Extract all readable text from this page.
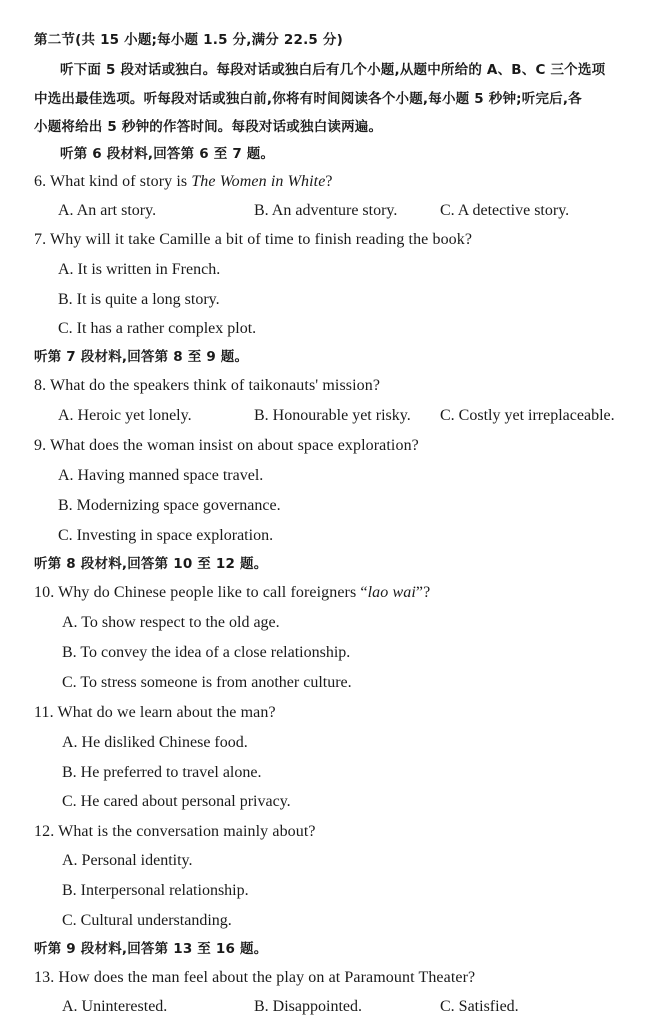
第二节(共 15 小题;每小题 1.5 分,满分 22.5 分)
听下面 5 段对话或独白。每段对话或独白后有几个小题,从题中所给的 A、B、C 三个选项
中选出最佳选项。听每段对话或独白前,你将有时间阅读各个小题,每小题 5 秒钟;听完后,各
小题将给出 5 秒钟的作答时间。每段对话或独白读两遍。
听第 6 段材料,回答第 6 至 7 题。
6. What kind of story is The Women in White?
A. An art story.	B. An adventure story.	C. A detective story.
7. Why will it take Camille a bit of time to finish reading the book?
A. It is written in French.
B. It is quite a long story.
C. It has a rather complex plot.
听第 7 段材料,回答第 8 至 9 题。
8. What do the speakers think of taikonauts' mission?
A. Heroic yet lonely.	B. Honourable yet risky. C. Costly yet irreplaceable.
9. What does the woman insist on about space exploration?
A. Having manned space travel.
B. Modernizing space governance.
C. Investing in space exploration.
听第 8 段材料,回答第 10 至 12 题。
10. Why do Chinese people like to call foreigners “lao wai”?
A. To show respect to the old age.
B. To convey the idea of a close relationship.
C. To stress someone is from another culture.
11. What do we learn about the man?
A. He disliked Chinese food.
B. He preferred to travel alone.
C. He cared about personal privacy.
12. What is the conversation mainly about?
A. Personal identity.
B. Interpersonal relationship.
C. Cultural understanding.
听第 9 段材料,回答第 13 至 16 题。
13. How does the man feel about the play on at Paramount Theater?
A. Uninterested.	B. Disappointed.	C. Satisfied.
